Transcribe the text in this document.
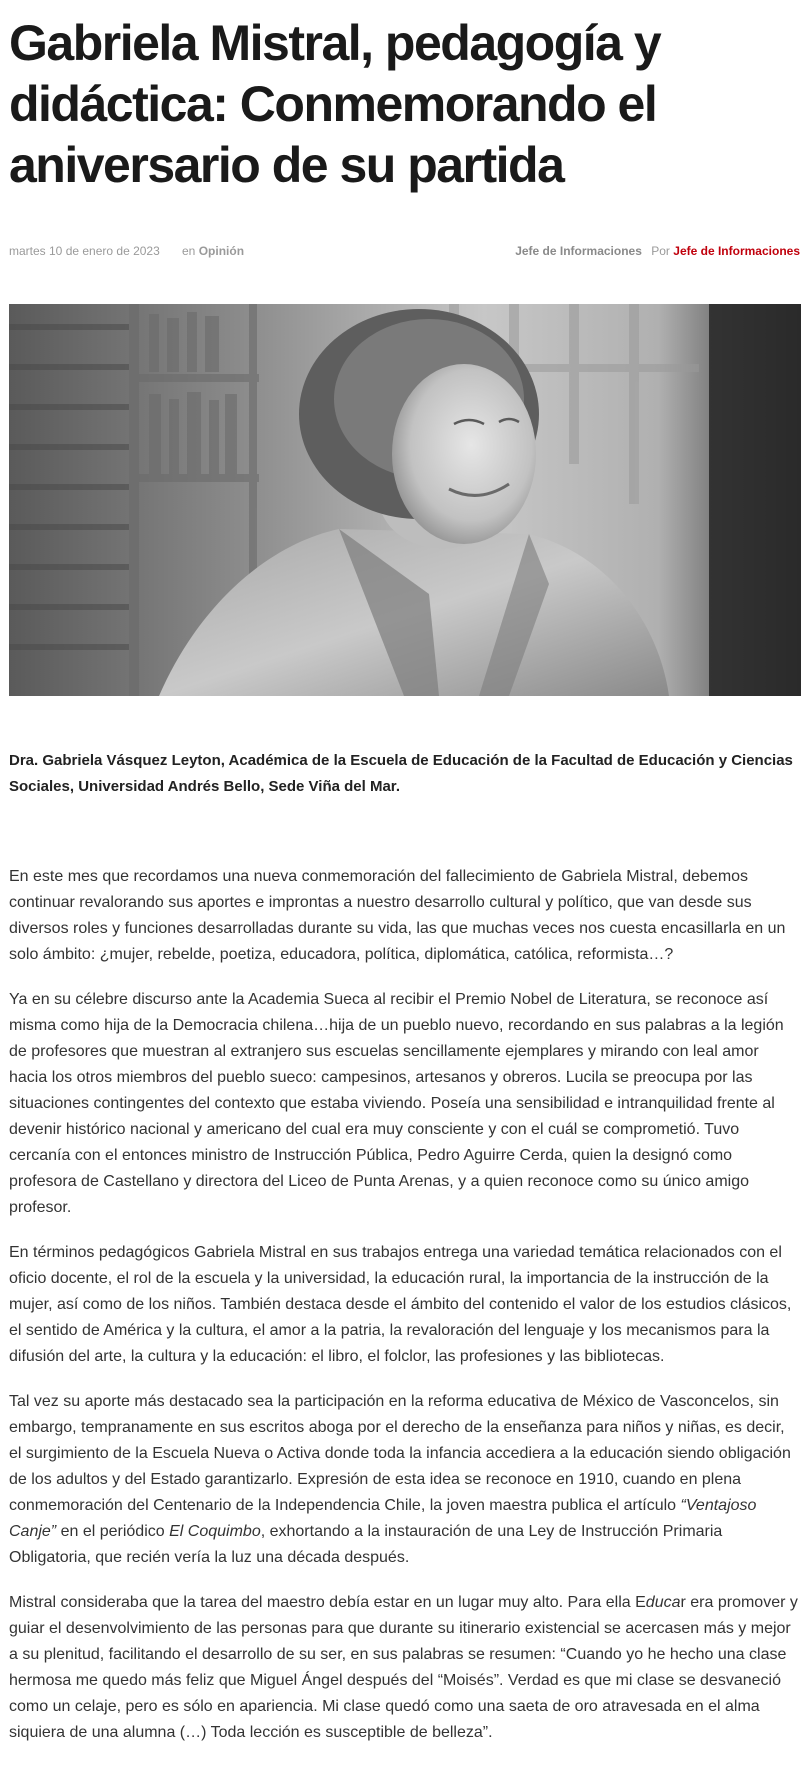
Gabriela Mistral, pedagogía y didáctica: Conmemorando el aniversario de su partida
martes 10 de enero de 2023 en Opinión	Jefe de Informaciones Por Jefe de Informaciones

Dra. Gabriela Vásquez Leyton, Académica de la Escuela de Educación de la Facultad de Educación y Ciencias Sociales, Universidad Andrés Bello, Sede Viña del Mar.

En este mes que recordamos una nueva conmemoración del fallecimiento de Gabriela Mistral, debemos continuar revalorando sus aportes e improntas a nuestro desarrollo cultural y político, que van desde sus diversos roles y funciones desarrolladas durante su vida, las que muchas veces nos cuesta encasillarla en un solo ámbito: ¿mujer, rebelde, poetiza, educadora, política, diplomática, católica, reformista…?

Ya en su célebre discurso ante la Academia Sueca al recibir el Premio Nobel de Literatura, se reconoce así misma como hija de la Democracia chilena…hija de un pueblo nuevo, recordando en sus palabras a la legión de profesores que muestran al extranjero sus escuelas sencillamente ejemplares y mirando con leal amor hacia los otros miembros del pueblo sueco: campesinos, artesanos y obreros. Lucila se preocupa por las situaciones contingentes del contexto que estaba viviendo. Poseía una sensibilidad e intranquilidad frente al devenir histórico nacional y americano del cual era muy consciente y con el cuál se comprometió. Tuvo cercanía con el entonces ministro de Instrucción Pública, Pedro Aguirre Cerda, quien la designó como profesora de Castellano y directora del Liceo de Punta Arenas, y a quien reconoce como su único amigo profesor.

En términos pedagógicos Gabriela Mistral en sus trabajos entrega una variedad temática relacionados con el oficio docente, el rol de la escuela y la universidad, la educación rural, la importancia de la instrucción de la mujer, así como de los niños. También destaca desde el ámbito del contenido el valor de los estudios clásicos, el sentido de América y la cultura, el amor a la patria, la revaloración del lenguaje y los mecanismos para la difusión del arte, la cultura y la educación: el libro, el folclor, las profesiones y las bibliotecas.

Tal vez su aporte más destacado sea la participación en la reforma educativa de México de Vasconcelos, sin embargo, tempranamente en sus escritos aboga por el derecho de la enseñanza para niños y niñas, es decir, el surgimiento de la Escuela Nueva o Activa donde toda la infancia accediera a la educación siendo obligación de los adultos y del Estado garantizarlo. Expresión de esta idea se reconoce en 1910, cuando en plena conmemoración del Centenario de la Independencia Chile, la joven maestra publica el artículo “Ventajoso Canje” en el periódico El Coquimbo, exhortando a la instauración de una Ley de Instrucción Primaria Obligatoria, que recién vería la luz una década después.

Mistral consideraba que la tarea del maestro debía estar en un lugar muy alto. Para ella Educar era promover y guiar el desenvolvimiento de las personas para que durante su itinerario existencial se acercasen más y mejor a su plenitud, facilitando el desarrollo de su ser, en sus palabras se resumen: “Cuando yo he hecho una clase hermosa me quedo más feliz que Miguel Ángel después del “Moisés”. Verdad es que mi clase se desvaneció como un celaje, pero es sólo en apariencia. Mi clase quedó como una saeta de oro atravesada en el alma siquiera de una alumna (…) Toda lección es susceptible de belleza”.
